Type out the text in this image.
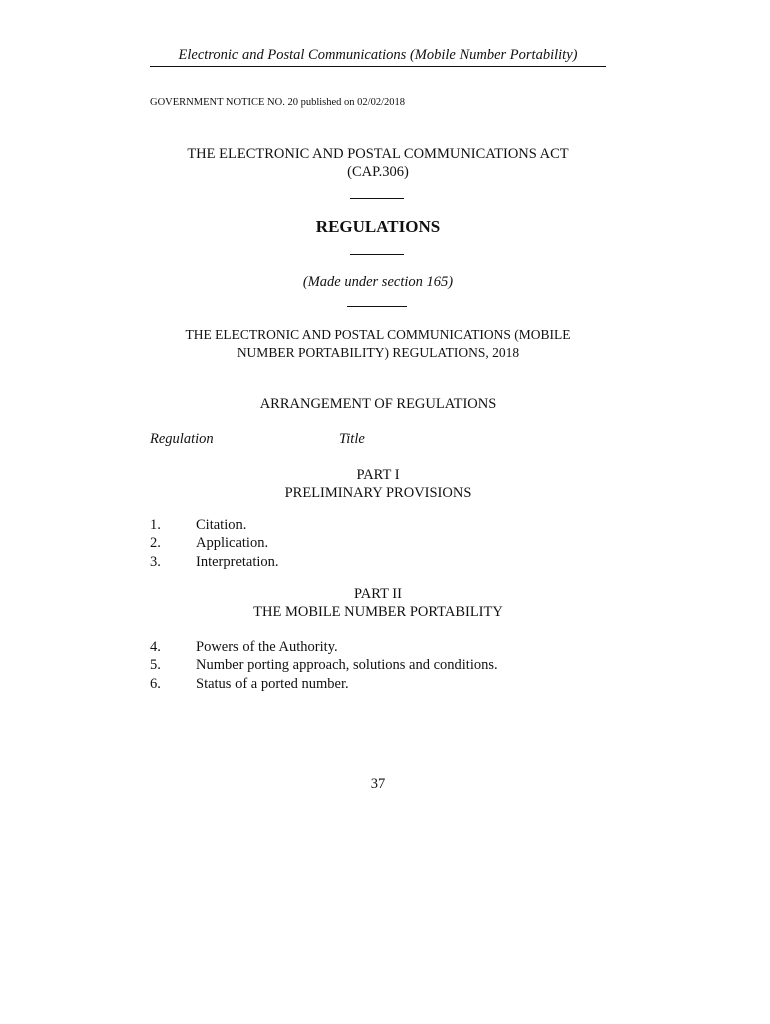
Electronic and Postal Communications (Mobile Number Portability)
GOVERNMENT NOTICE NO. 20 published on 02/02/2018
THE ELECTRONIC AND POSTAL COMMUNICATIONS ACT
(CAP.306)
REGULATIONS
(Made under section 165)
THE ELECTRONIC AND POSTAL COMMUNICATIONS (MOBILE
NUMBER PORTABILITY) REGULATIONS, 2018
ARRANGEMENT OF REGULATIONS
Regulation	Title
PART I
PRELIMINARY PROVISIONS
1. Citation.
2. Application.
3. Interpretation.
PART II
THE MOBILE NUMBER PORTABILITY
4. Powers of the Authority.
5. Number porting approach, solutions and conditions.
6. Status of a ported number.
37
